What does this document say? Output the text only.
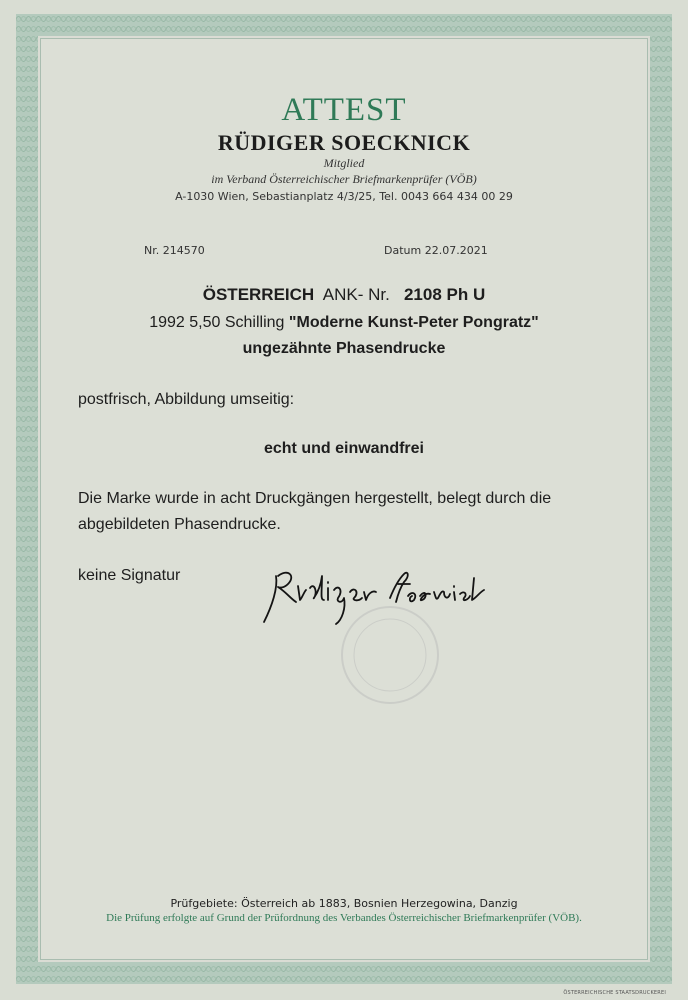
ATTEST
RÜDIGER SOECKNICK
Mitglied
im Verband Österreichischer Briefmarkenprüfer (VÖB)
A-1030 Wien, Sebastianplatz 4/3/25, Tel. 0043 664 434 00 29
Nr. 214570	Datum 22.07.2021
ÖSTERREICH ANK- Nr. 2108 Ph U
1992 5,50 Schilling "Moderne Kunst-Peter Pongratz"
ungezähnte Phasendrucke
postfrisch, Abbildung umseitig:
echt und einwandfrei
Die Marke wurde in acht Druckgängen hergestellt, belegt durch die
abgebildeten Phasendrucke.
keine Signatur
Prüfgebiete: Österreich ab 1883, Bosnien Herzegowina, Danzig
Die Prüfung erfolgte auf Grund der Prüfordnung des Verbandes Österreichischer Briefmarkenprüfer (VÖB).
ÖSTERREICHISCHE STAATSDRUCKEREI
